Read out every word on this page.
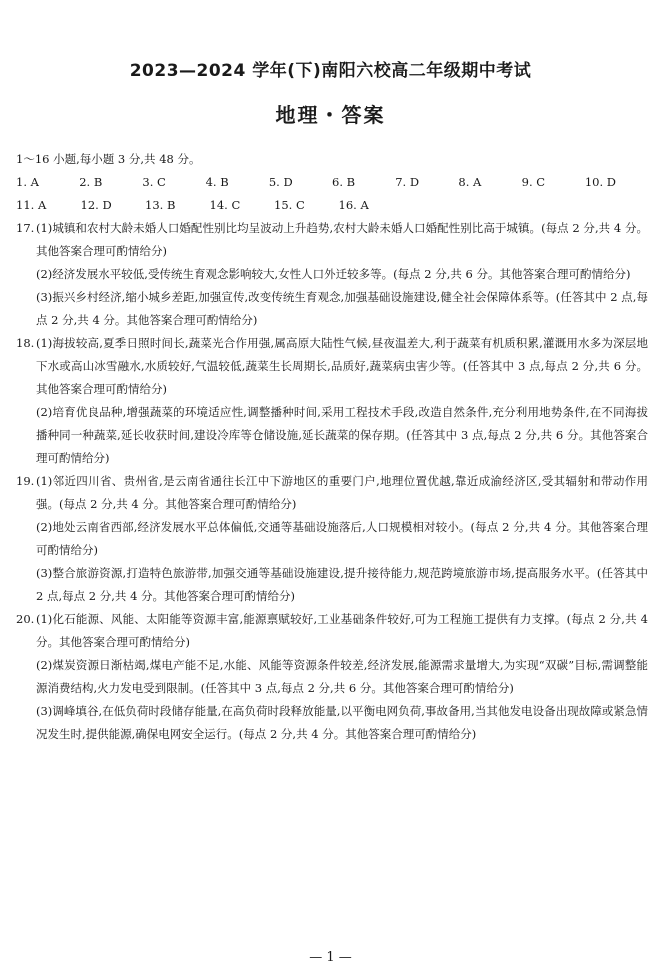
2023—2024 学年(下)南阳六校高二年级期中考试
地理・答案
1～16 小题,每小题 3 分,共 48 分。
1. A	2. B	3. C	4. B	5. D	6. B	7. D	8. A	9. C	10. D
11. A	12. D	13. B	14. C	15. C	16. A
17. (1)城镇和农村大龄未婚人口婚配性别比均呈波动上升趋势,农村大龄未婚人口婚配性别比高于城镇。(每点 2 分,共 4 分。其他答案合理可酌情给分)
(2)经济发展水平较低,受传统生育观念影响较大,女性人口外迁较多等。(每点 2 分,共 6 分。其他答案合理可酌情给分)
(3)振兴乡村经济,缩小城乡差距,加强宣传,改变传统生育观念,加强基础设施建设,健全社会保障体系等。(任答其中 2 点,每点 2 分,共 4 分。其他答案合理可酌情给分)
18. (1)海拔较高,夏季日照时间长,蔬菜光合作用强,属高原大陆性气候,昼夜温差大,利于蔬菜有机质积累,灌溉用水多为深层地下水或高山冰雪融水,水质较好,气温较低,蔬菜生长周期长,品质好,蔬菜病虫害少等。(任答其中 3 点,每点 2 分,共 6 分。其他答案合理可酌情给分)
(2)培育优良品种,增强蔬菜的环境适应性,调整播种时间,采用工程技术手段,改造自然条件,充分利用地势条件,在不同海拔播种同一种蔬菜,延长收获时间,建设冷库等仓储设施,延长蔬菜的保存期。(任答其中 3 点,每点 2 分,共 6 分。其他答案合理可酌情给分)
19. (1)邻近四川省、贵州省,是云南省通往长江中下游地区的重要门户,地理位置优越,靠近成渝经济区,受其辐射和带动作用强。(每点 2 分,共 4 分。其他答案合理可酌情给分)
(2)地处云南省西部,经济发展水平总体偏低,交通等基础设施落后,人口规模相对较小。(每点 2 分,共 4 分。其他答案合理可酌情给分)
(3)整合旅游资源,打造特色旅游带,加强交通等基础设施建设,提升接待能力,规范跨境旅游市场,提高服务水平。(任答其中 2 点,每点 2 分,共 4 分。其他答案合理可酌情给分)
20. (1)化石能源、风能、太阳能等资源丰富,能源禀赋较好,工业基础条件较好,可为工程施工提供有力支撑。(每点 2 分,共 4 分。其他答案合理可酌情给分)
(2)煤炭资源日渐枯竭,煤电产能不足,水能、风能等资源条件较差,经济发展,能源需求量增大,为实现“双碳”目标,需调整能源消费结构,火力发电受到限制。(任答其中 3 点,每点 2 分,共 6 分。其他答案合理可酌情给分)
(3)调峰填谷,在低负荷时段储存能量,在高负荷时段释放能量,以平衡电网负荷,事故备用,当其他发电设备出现故障或紧急情况发生时,提供能源,确保电网安全运行。(每点 2 分,共 4 分。其他答案合理可酌情给分)
— 1 —
